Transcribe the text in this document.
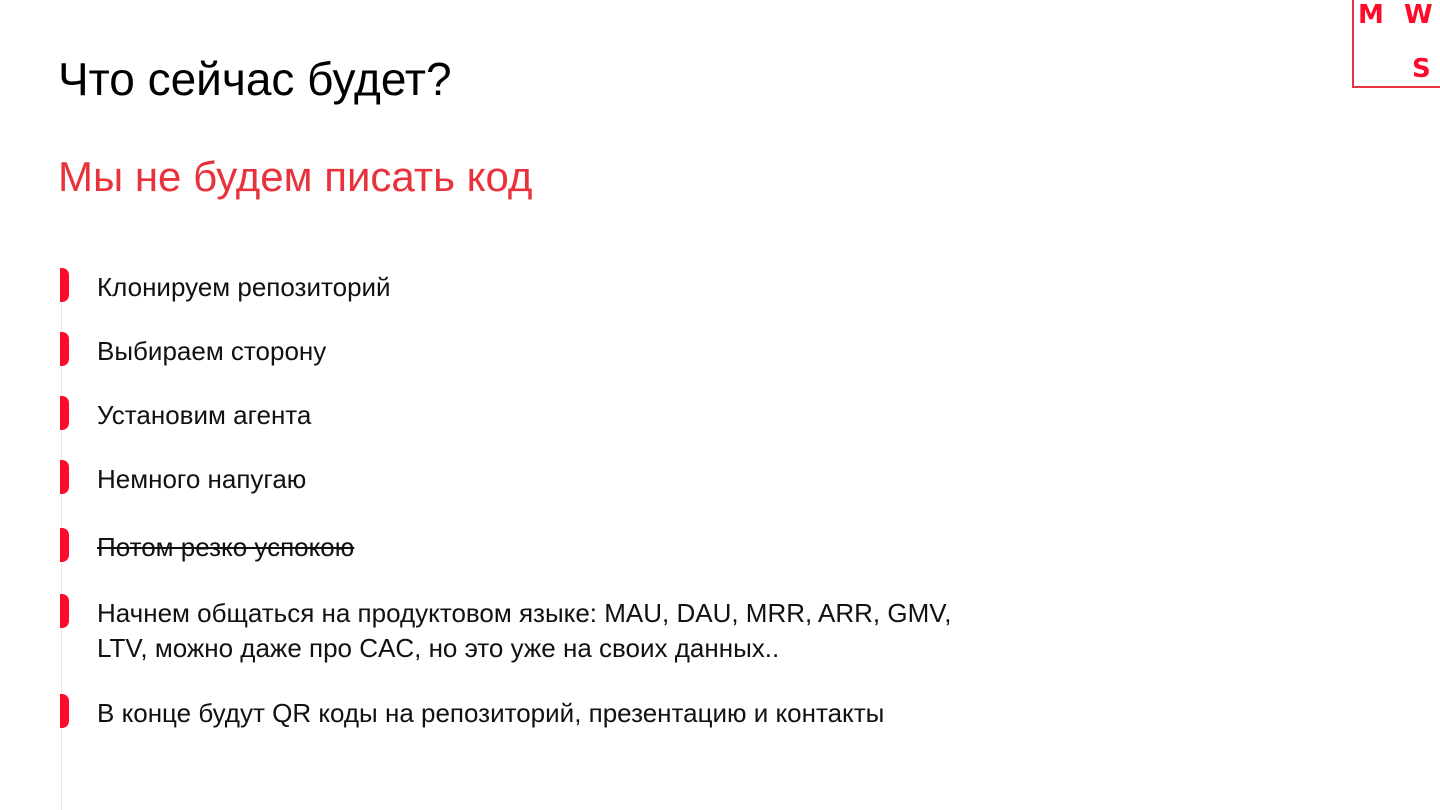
Что сейчас будет?
Мы не будем писать код
Клонируем репозиторий
Выбираем сторону
Установим агента
Немного напугаю
Потом резко успокою
Начнем общаться на продуктовом языке: MAU, DAU, MRR, ARR, GMV, LTV, можно даже про CAC, но это уже на своих данных..
В конце будут QR коды на репозиторий, презентацию и контакты
M W
S
